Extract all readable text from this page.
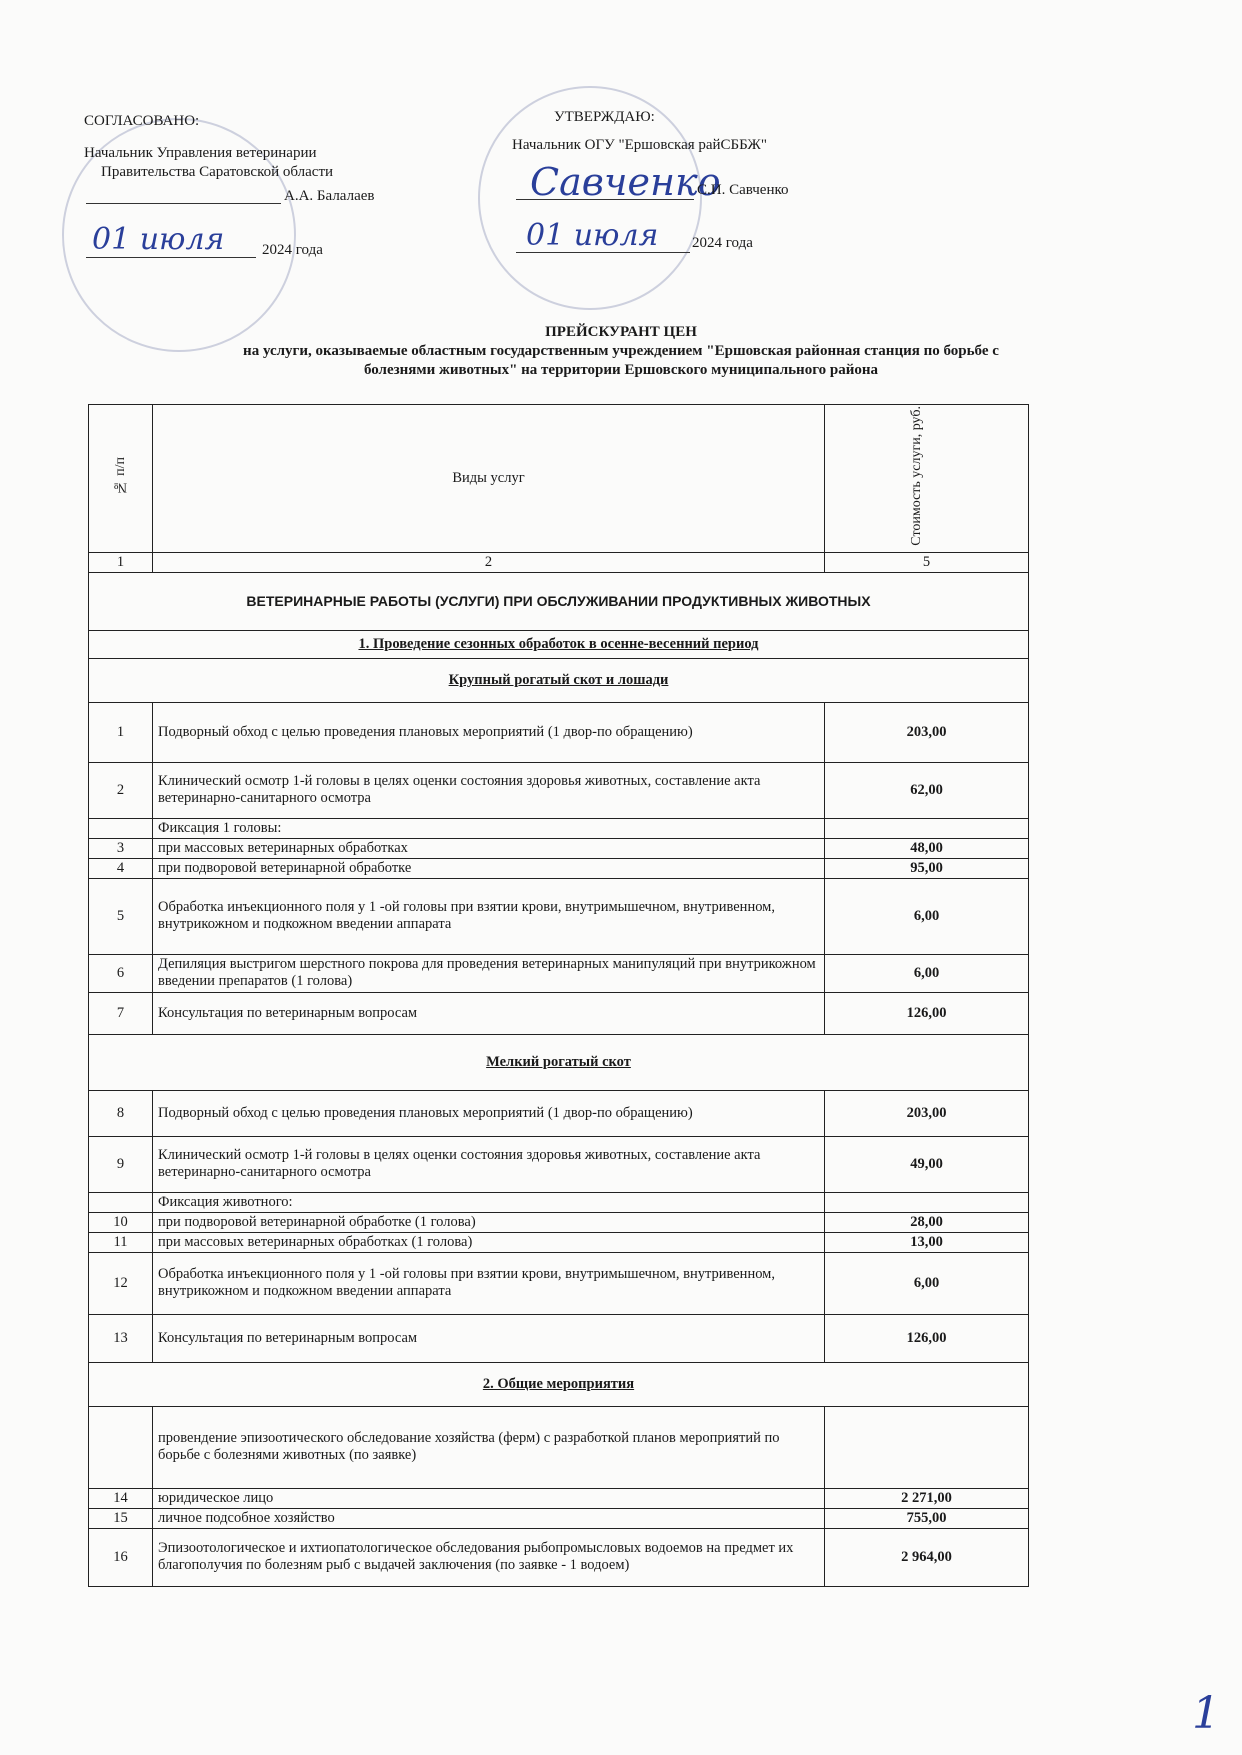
СОГЛАСОВАНО:
Начальник Управления ветеринарии
Правительства Саратовской области
А.А. Балалаев
01 июля	2024 года
УТВЕРЖДАЮ:
Начальник ОГУ "Ершовская райСББЖ"
Савченко
С.И. Савченко
01 июля 2024 года
ПРЕЙСКУРАНТ ЦЕН
на услуги, оказываемые областным государственным учреждением "Ершовская районная станция по борьбе с
болезнями животных" на территории Ершовского муниципального района
№ п/п	Виды услуг	Стоимость услуги, руб.
1	2	5
ВЕТЕРИНАРНЫЕ РАБОТЫ (УСЛУГИ) ПРИ ОБСЛУЖИВАНИИ ПРОДУКТИВНЫХ ЖИВОТНЫХ		
1. Проведение сезонных обработок в осенне-весенний период		
Крупный рогатый скот и лошади		
1	Подворный обход с целью проведения плановых мероприятий (1 двор-по обращению)	203,00
2	Клинический осмотр 1-й головы в целях оценки состояния здоровья животных, составление акта ветеринарно-санитарного осмотра	62,00
	Фиксация 1 головы:	
3	при массовых ветеринарных обработках	48,00
4	при подворовой ветеринарной обработке	95,00
5	Обработка инъекционного поля у 1 -ой головы при взятии крови, внутримышечном, внутривенном, внутрикожном и подкожном введении аппарата	6,00
6	Депиляция выстригом шерстного покрова для проведения ветеринарных манипуляций при внутрикожном введении препаратов (1 голова)	6,00
7	Консультация по ветеринарным вопросам	126,00
Мелкий рогатый скот		
8	Подворный обход с целью проведения плановых мероприятий (1 двор-по обращению)	203,00
9	Клинический осмотр 1-й головы в целях оценки состояния здоровья животных, составление акта ветеринарно-санитарного осмотра	49,00
	Фиксация животного:	
10	при подворовой ветеринарной обработке (1 голова)	28,00
11	при массовых ветеринарных обработках (1 голова)	13,00
12	Обработка инъекционного поля у 1 -ой головы при взятии крови, внутримышечном, внутривенном, внутрикожном и подкожном введении аппарата	6,00
13	Консультация по ветеринарным вопросам	126,00
2. Общие мероприятия		
	провендение эпизоотического обследование хозяйства (ферм) с разработкой планов мероприятий по борьбе с болезнями животных (по заявке)	
14	юридическое лицо	2 271,00
15	личное подсобное хозяйство	755,00
16	Эпизоотологическое и ихтиопатологическое обследования рыбопромысловых водоемов на предмет их благополучия по болезням рыб с выдачей заключения (по заявке - 1 водоем)	2 964,00
1
